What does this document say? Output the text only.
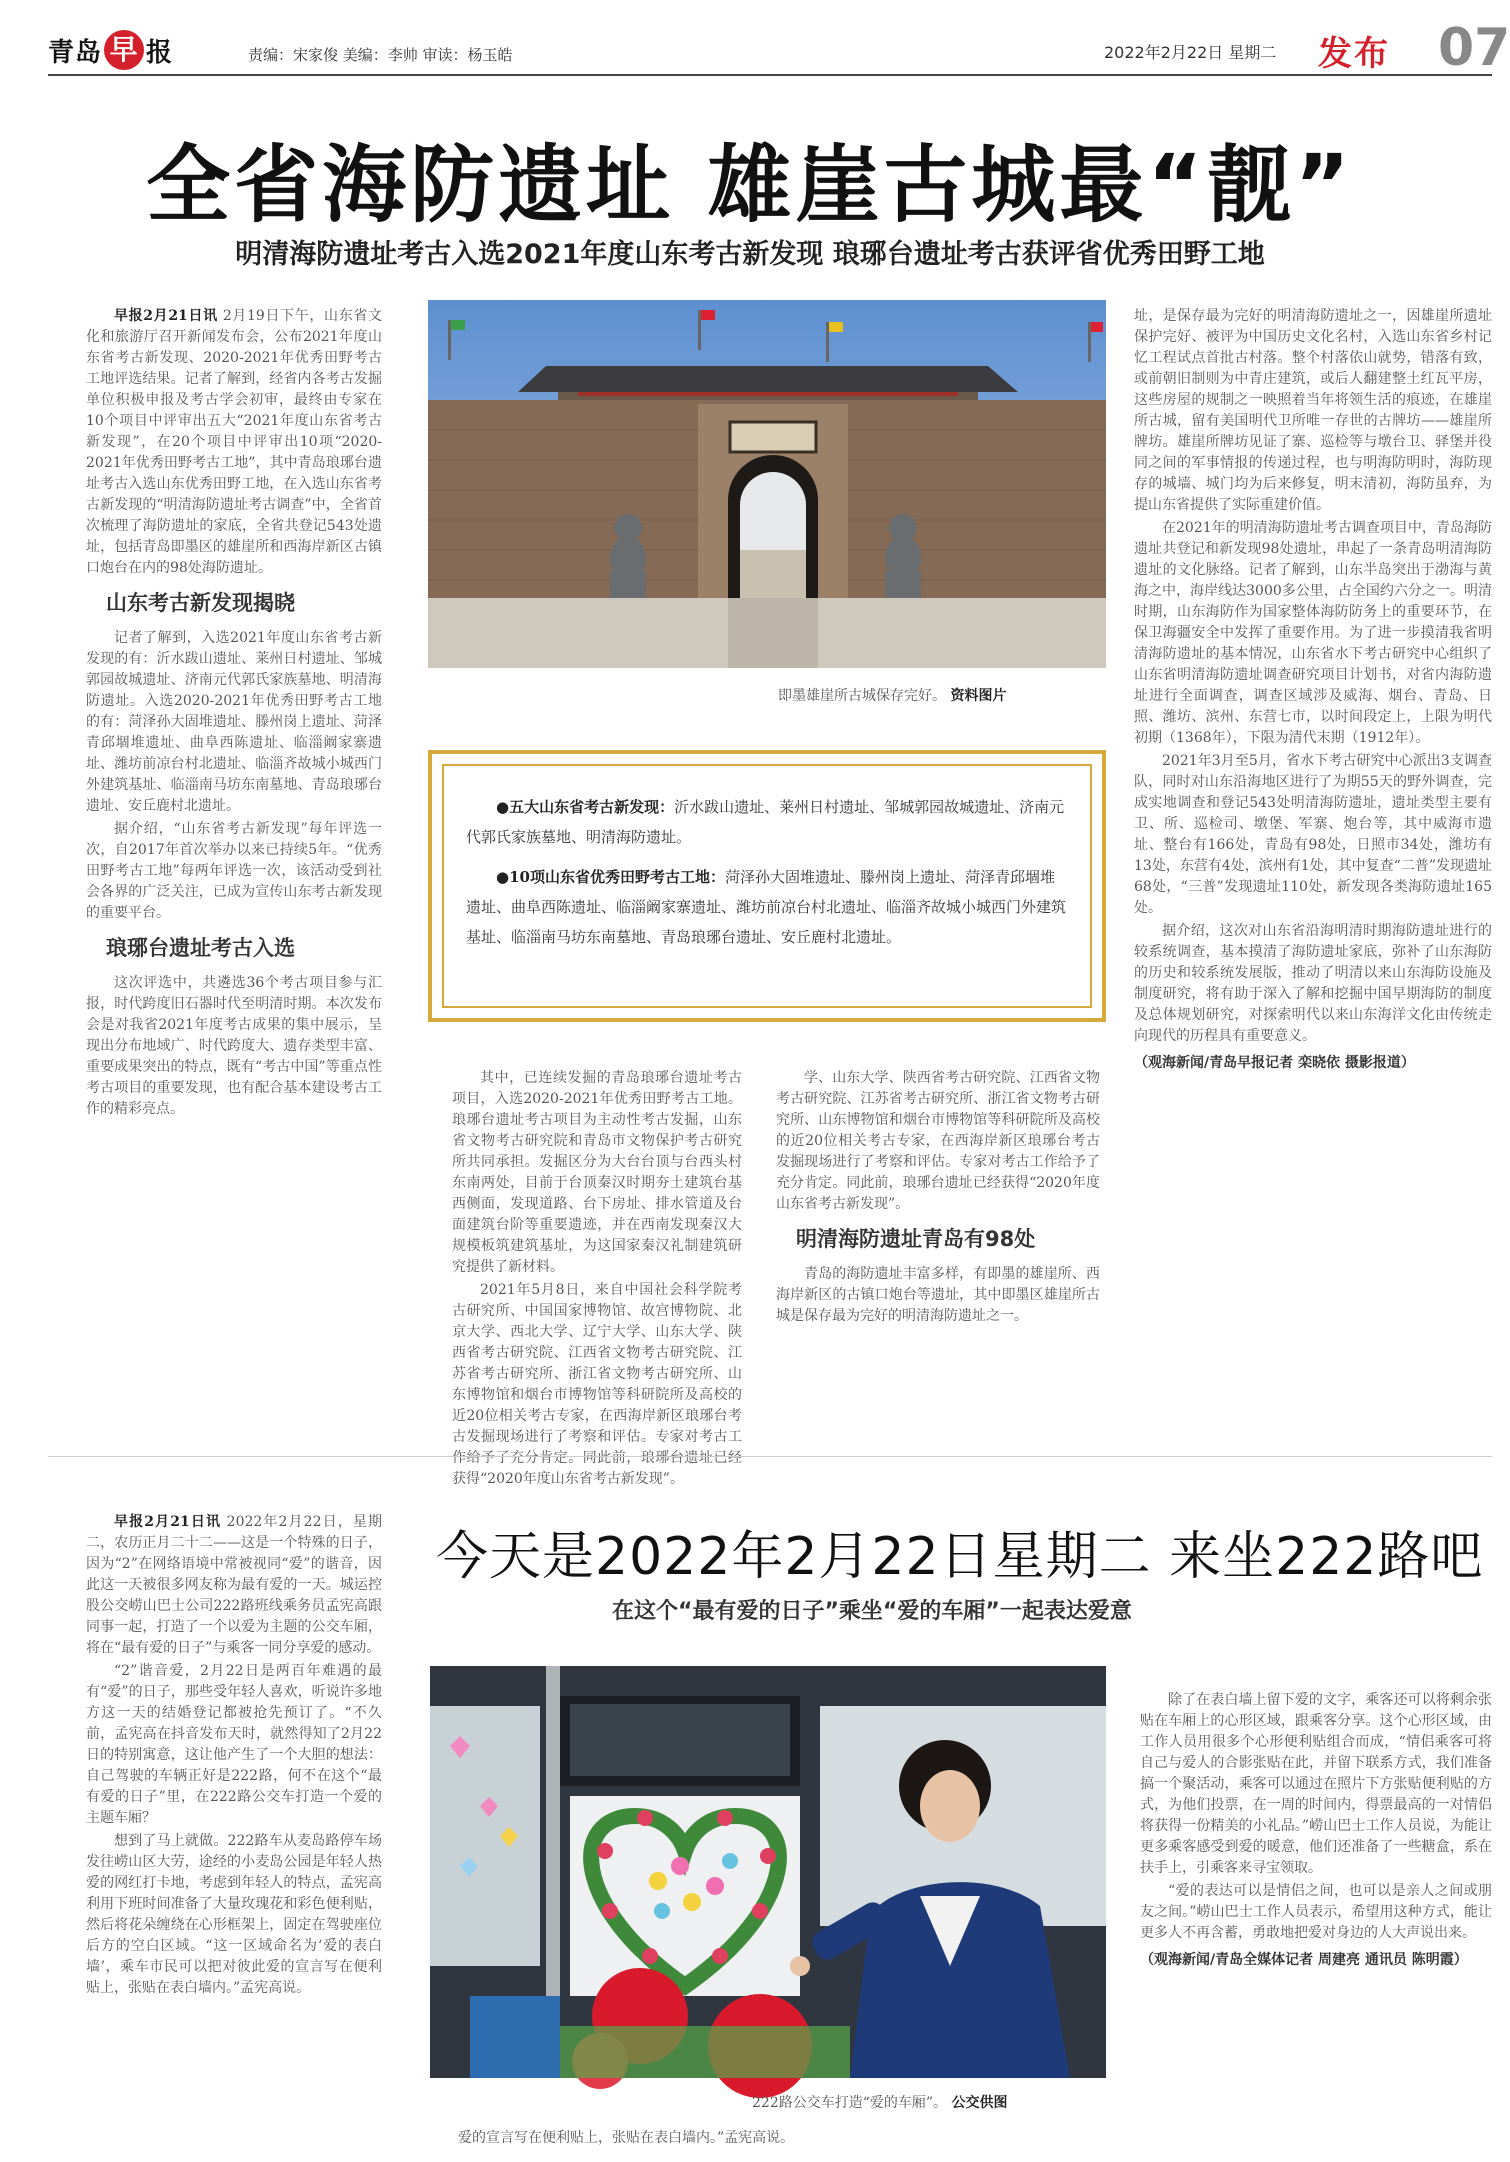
青岛 早 报	责编：宋家俊 美编：李帅 审读：杨玉皓	2022年2月22日 星期二 发布 07
全省海防遗址 雄崖古城最“靓”
明清海防遗址考古入选2021年度山东考古新发现 琅琊台遗址考古获评省优秀田野工地

早报2月21日讯 2月19日下午，山东省文化和旅游厅召开新闻发布会，公布2021年度山东省考古新发现、2020-2021年优秀田野考古工地评选结果。记者了解到，经省内各考古发掘单位积极申报及考古学会初审，最终由专家在10个项目中评审出五大“2021年度山东省考古新发现”，在20个项目中评审出10项“2020-2021年优秀田野考古工地”，其中青岛琅琊台遗址考古入选山东优秀田野工地，在入选山东省考古新发现的“明清海防遗址考古调查”中，全省首次梳理了海防遗址的家底，全省共登记543处遗址，包括青岛即墨区的雄崖所和西海岸新区古镇口炮台在内的98处海防遗址。

山东考古新发现揭晓

记者了解到，入选2021年度山东省考古新发现的有：沂水跋山遗址、莱州日村遗址、邹城郭园故城遗址、济南元代郭氏家族墓地、明清海防遗址。入选2020-2021年优秀田野考古工地的有：菏泽孙大固堆遗址、滕州岗上遗址、菏泽青邱堌堆遗址、曲阜西陈遗址、临淄阚家寨遗址、潍坊前凉台村北遗址、临淄齐故城小城西门外建筑基址、临淄南马坊东南墓地、青岛琅琊台遗址、安丘鹿村北遗址。

据介绍，“山东省考古新发现”每年评选一次，自2017年首次举办以来已持续5年。“优秀田野考古工地”每两年评选一次，该活动受到社会各界的广泛关注，已成为宣传山东考古新发现的重要平台。

琅琊台遗址考古入选

这次评选中，共遴选36个考古项目参与汇报，时代跨度旧石器时代至明清时期。本次发布会是对我省2021年度考古成果的集中展示，呈现出分布地域广、时代跨度大、遗存类型丰富、重要成果突出的特点，既有“考古中国”等重点性考古项目的重要发现，也有配合基本建设考古工作的精彩亮点。

即墨雄崖所古城保存完好。 资料图片

●五大山东省考古新发现：沂水跋山遗址、莱州日村遗址、邹城郭园故城遗址、济南元代郭氏家族墓地、明清海防遗址。

●10项山东省优秀田野考古工地：菏泽孙大固堆遗址、滕州岗上遗址、菏泽青邱堌堆遗址、曲阜西陈遗址、临淄阚家寨遗址、潍坊前凉台村北遗址、临淄齐故城小城西门外建筑基址、临淄南马坊东南墓地、青岛琅琊台遗址、安丘鹿村北遗址。

其中，已连续发掘的青岛琅琊台遗址考古项目，入选2020-2021年优秀田野考古工地。琅琊台遗址考古项目为主动性考古发掘，山东省文物考古研究院和青岛市文物保护考古研究所共同承担。发掘区分为大台台顶与台西头村东南两处，目前于台顶秦汉时期夯土建筑台基西侧面，发现道路、台下房址、排水管道及台面建筑台阶等重要遗迹，并在西南发现秦汉大规模板筑建筑基址，为这国家秦汉礼制建筑研究提供了新材料。

2021年5月8日，来自中国社会科学院考古研究所、中国国家博物馆、故宫博物院、北京大学、西北大学、辽宁大学、山东大学、陕西省考古研究院、江西省文物考古研究院、江苏省考古研究所、浙江省文物考古研究所、山东博物馆和烟台市博物馆等科研院所及高校的近20位相关考古专家，在西海岸新区琅琊台考古发掘现场进行了考察和评估。专家对考古工作给予了充分肯定。同此前，琅琊台遗址已经获得“2020年度山东省考古新发现”。

学、山东大学、陕西省考古研究院、江西省文物考古研究院、江苏省考古研究所、浙江省文物考古研究所、山东博物馆和烟台市博物馆等科研院所及高校的近20位相关考古专家，在西海岸新区琅琊台考古发掘现场进行了考察和评估。专家对考古工作给予了充分肯定。同此前，琅琊台遗址已经获得“2020年度山东省考古新发现”。

明清海防遗址青岛有98处

青岛的海防遗址丰富多样，有即墨的雄崖所、西海岸新区的古镇口炮台等遗址，其中即墨区雄崖所古城是保存最为完好的明清海防遗址之一。

址，是保存最为完好的明清海防遗址之一，因雄崖所遗址保护完好、被评为中国历史文化名村，入选山东省乡村记忆工程试点首批古村落。整个村落依山就势，错落有致，或前朝旧制则为中青庄建筑，或后人翻建整土红瓦平房，这些房屋的规制之一映照着当年将领生活的痕迹，在雄崖所古城，留有美国明代卫所唯一存世的古牌坊——雄崖所牌坊。雄崖所牌坊见证了寨、巡检等与墩台卫、驿堡并役同之间的军事情报的传递过程，也与明海防明时，海防现存的城墙、城门均为后来修复，明末清初，海防虽弃，为提山东省提供了实际重建价值。

在2021年的明清海防遗址考古调查项目中，青岛海防遗址共登记和新发现98处遗址，串起了一条青岛明清海防遗址的文化脉络。记者了解到，山东半岛突出于渤海与黄海之中，海岸线达3000多公里，占全国约六分之一。明清时期，山东海防作为国家整体海防防务上的重要环节，在保卫海疆安全中发挥了重要作用。为了进一步摸清我省明清海防遗址的基本情况，山东省水下考古研究中心组织了山东省明清海防遗址调查研究项目计划书，对省内海防遗址进行全面调查，调查区域涉及威海、烟台、青岛、日照、潍坊、滨州、东营七市，以时间段定上，上限为明代初期（1368年），下限为清代末期（1912年）。

2021年3月至5月，省水下考古研究中心派出3支调查队，同时对山东沿海地区进行了为期55天的野外调查，完成实地调查和登记543处明清海防遗址，遗址类型主要有卫、所、巡检司、墩堡、军寨、炮台等，其中威海市遗址、整台有166处，青岛有98处，日照市34处，潍坊有13处，东营有4处，滨州有1处，其中复查“二普”发现遗址68处，“三普”发现遗址110处，新发现各类海防遗址165处。

据介绍，这次对山东省沿海明清时期海防遗址进行的较系统调查，基本摸清了海防遗址家底，弥补了山东海防的历史和较系统发展版，推动了明清以来山东海防设施及制度研究，将有助于深入了解和挖掘中国早期海防的制度及总体规划研究，对探索明代以来山东海洋文化由传统走向现代的历程具有重要意义。

（观海新闻/青岛早报记者 栾晓依 摄影报道）

今天是2022年2月22日星期二 来坐222路吧
在这个“最有爱的日子”乘坐“爱的车厢”一起表达爱意

早报2月21日讯 2022年2月22日，星期二，农历正月二十二——这是一个特殊的日子，因为“2”在网络语境中常被视同“爱”的谐音，因此这一天被很多网友称为最有爱的一天。城运控股公交崂山巴士公司222路班线乘务员孟宪高跟同事一起，打造了一个以爱为主题的公交车厢，将在“最有爱的日子”与乘客一同分享爱的感动。

“2”谐音爱，2月22日是两百年难遇的最有“爱”的日子，那些受年轻人喜欢，听说许多地方这一天的结婚登记都被抢先预订了。“不久前，孟宪高在抖音发布天时，就然得知了2月22日的特别寓意，这让他产生了一个大胆的想法：自己驾驶的车辆正好是222路，何不在这个“最有爱的日子”里，在222路公交车打造一个爱的主题车厢？

想到了马上就做。222路车从麦岛路停车场发往崂山区大劳，途经的小麦岛公园是年轻人热爱的网红打卡地，考虑到年轻人的特点，孟宪高利用下班时间准备了大量玫瑰花和彩色便利贴，然后将花朵缠绕在心形框架上，固定在驾驶座位后方的空白区域。“这一区域命名为‘爱的表白墙’，乘车市民可以把对彼此爱的宣言写在便利贴上，张贴在表白墙内。”孟宪高说。

222路公交车打造“爱的车厢”。 公交供图

爱的宣言写在便利贴上，张贴在表白墙内。”孟宪高说。

除了在表白墙上留下爱的文字，乘客还可以将剩余张贴在车厢上的心形区域，跟乘客分享。这个心形区域，由工作人员用很多个心形便利贴组合而成，“情侣乘客可将自己与爱人的合影张贴在此，并留下联系方式，我们准备搞一个聚活动，乘客可以通过在照片下方张贴便利贴的方式，为他们投票，在一周的时间内，得票最高的一对情侣将获得一份精美的小礼品。”崂山巴士工作人员说，为能让更多乘客感受到爱的暖意，他们还准备了一些糖盒，系在扶手上，引乘客来寻宝领取。

“爱的表达可以是情侣之间，也可以是亲人之间或朋友之间。”崂山巴士工作人员表示，希望用这种方式，能让更多人不再含蓄，勇敢地把爱对身边的人大声说出来。

（观海新闻/青岛全媒体记者 周建亮 通讯员 陈明霞）
